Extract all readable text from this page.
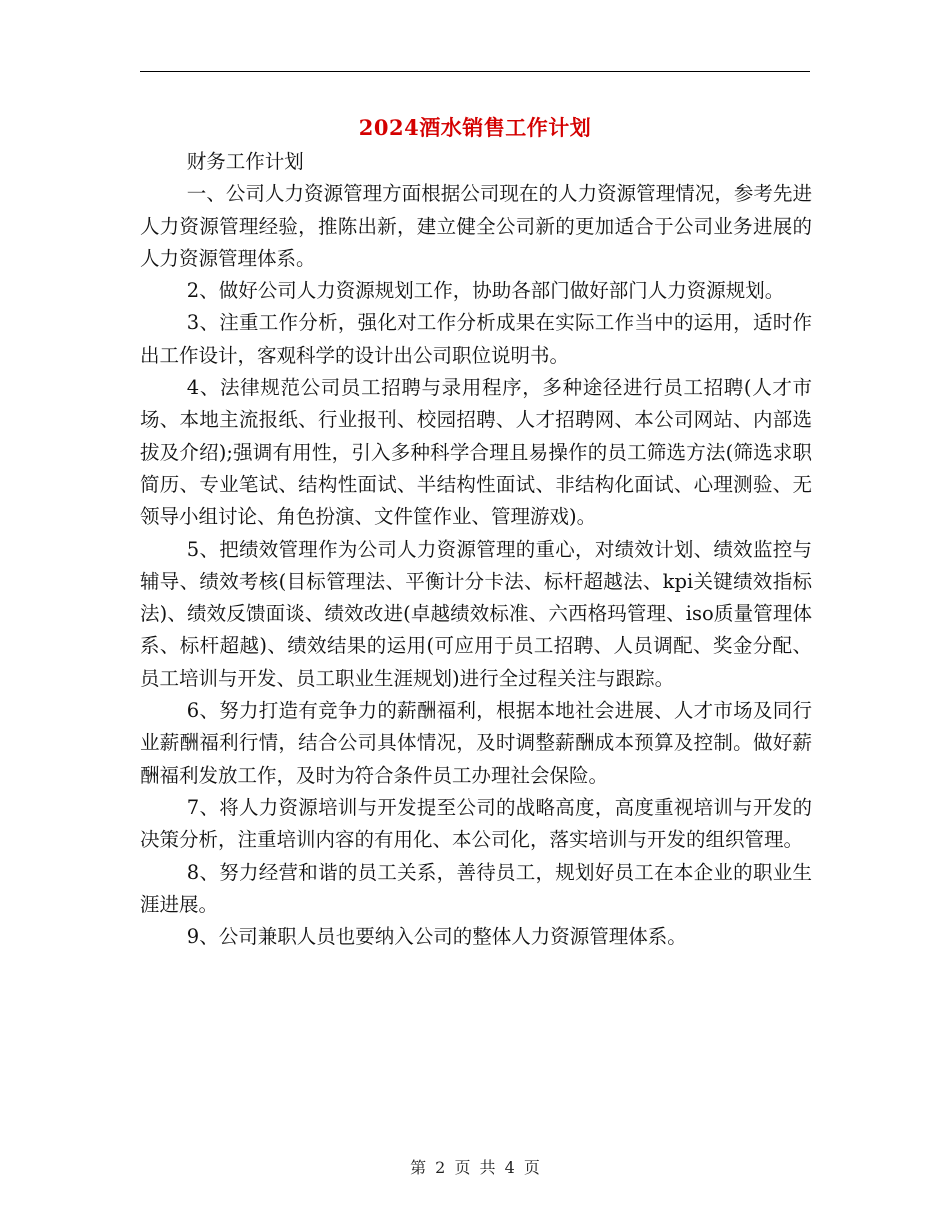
2024酒水销售工作计划

财务工作计划

一、公司人力资源管理方面根据公司现在的人力资源管理情况，参考先进人力资源管理经验，推陈出新，建立健全公司新的更加适合于公司业务进展的人力资源管理体系。

2、做好公司人力资源规划工作，协助各部门做好部门人力资源规划。

3、注重工作分析，强化对工作分析成果在实际工作当中的运用，适时作出工作设计，客观科学的设计出公司职位说明书。

4、法律规范公司员工招聘与录用程序，多种途径进行员工招聘(人才市场、本地主流报纸、行业报刊、校园招聘、人才招聘网、本公司网站、内部选拔及介绍);强调有用性，引入多种科学合理且易操作的员工筛选方法(筛选求职简历、专业笔试、结构性面试、半结构性面试、非结构化面试、心理测验、无领导小组讨论、角色扮演、文件筐作业、管理游戏)。

5、把绩效管理作为公司人力资源管理的重心，对绩效计划、绩效监控与辅导、绩效考核(目标管理法、平衡计分卡法、标杆超越法、kpi关键绩效指标法)、绩效反馈面谈、绩效改进(卓越绩效标准、六西格玛管理、iso质量管理体系、标杆超越)、绩效结果的运用(可应用于员工招聘、人员调配、奖金分配、员工培训与开发、员工职业生涯规划)进行全过程关注与跟踪。

6、努力打造有竞争力的薪酬福利，根据本地社会进展、人才市场及同行业薪酬福利行情，结合公司具体情况，及时调整薪酬成本预算及控制。做好薪酬福利发放工作，及时为符合条件员工办理社会保险。

7、将人力资源培训与开发提至公司的战略高度，高度重视培训与开发的决策分析，注重培训内容的有用化、本公司化，落实培训与开发的组织管理。

8、努力经营和谐的员工关系，善待员工，规划好员工在本企业的职业生涯进展。

9、公司兼职人员也要纳入公司的整体人力资源管理体系。

第 2 页 共 4 页
